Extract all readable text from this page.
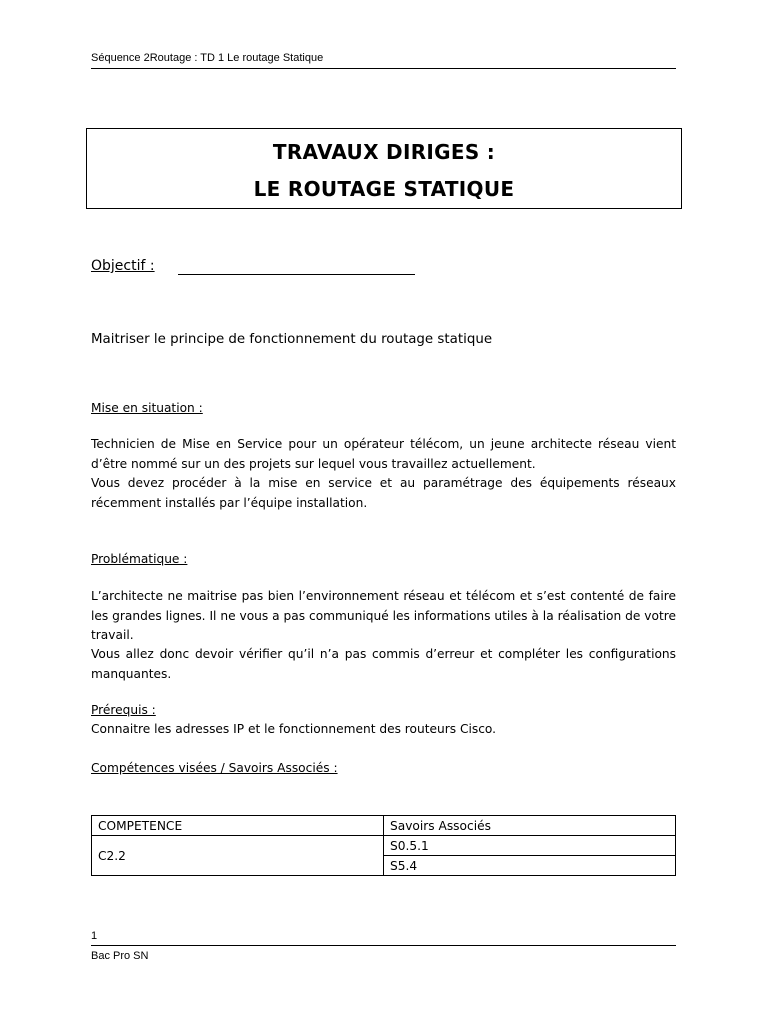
Séquence 2Routage : TD 1 Le routage Statique
TRAVAUX DIRIGES :
LE ROUTAGE STATIQUE
Objectif :
Maitriser le principe de fonctionnement du routage statique
Mise en situation :
Technicien de Mise en Service pour un opérateur télécom, un jeune architecte réseau vient d’être nommé sur un des projets sur lequel vous travaillez actuellement.
Vous devez procéder à la mise en service et au paramétrage des équipements réseaux récemment installés par l’équipe installation.
Problématique :
L’architecte ne maitrise pas bien l’environnement réseau et télécom et s’est contenté de faire les grandes lignes. Il ne vous a pas communiqué les informations utiles à la réalisation de votre travail.
Vous allez donc devoir vérifier qu’il n’a pas commis d’erreur et compléter les configurations manquantes.
Prérequis :
Connaitre les adresses IP et le fonctionnement des routeurs Cisco.
Compétences visées / Savoirs Associés :
COMPETENCE	Savoirs Associés
C2.2	S0.5.1
	S5.4
1
Bac Pro SN
